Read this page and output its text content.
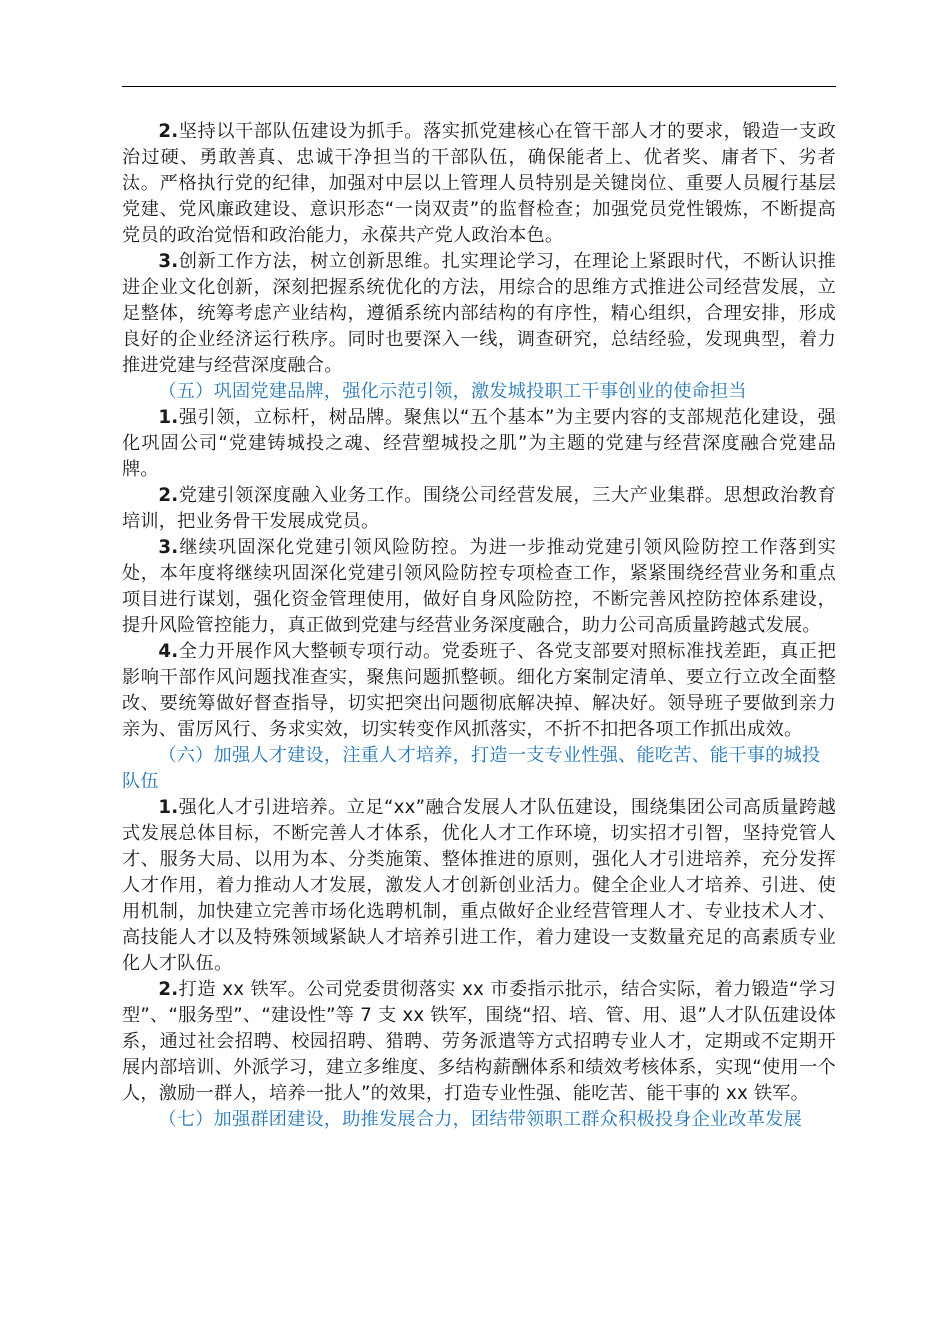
2.坚持以干部队伍建设为抓手。落实抓党建核心在管干部人才的要求，锻造一支政治过硬、勇敢善真、忠诚干净担当的干部队伍，确保能者上、优者奖、庸者下、劣者汰。严格执行党的纪律，加强对中层以上管理人员特别是关键岗位、重要人员履行基层党建、党风廉政建设、意识形态“一岗双责”的监督检查；加强党员党性锻炼，不断提高党员的政治觉悟和政治能力，永葆共产党人政治本色。

3.创新工作方法，树立创新思维。扎实理论学习，在理论上紧跟时代，不断认识推进企业文化创新，深刻把握系统优化的方法，用综合的思维方式推进公司经营发展，立足整体，统筹考虑产业结构，遵循系统内部结构的有序性，精心组织，合理安排，形成良好的企业经济运行秩序。同时也要深入一线，调查研究，总结经验，发现典型，着力推进党建与经营深度融合。

（五）巩固党建品牌，强化示范引领，激发城投职工干事创业的使命担当

1.强引领，立标杆，树品牌。聚焦以“五个基本”为主要内容的支部规范化建设，强化巩固公司“党建铸城投之魂、经营塑城投之肌”为主题的党建与经营深度融合党建品牌。

2.党建引领深度融入业务工作。围绕公司经营发展，三大产业集群。思想政治教育培训，把业务骨干发展成党员。

3.继续巩固深化党建引领风险防控。为进一步推动党建引领风险防控工作落到实处，本年度将继续巩固深化党建引领风险防控专项检查工作，紧紧围绕经营业务和重点项目进行谋划，强化资金管理使用，做好自身风险防控，不断完善风控防控体系建设，提升风险管控能力，真正做到党建与经营业务深度融合，助力公司高质量跨越式发展。

4.全力开展作风大整顿专项行动。党委班子、各党支部要对照标准找差距，真正把影响干部作风问题找准查实，聚焦问题抓整顿。细化方案制定清单、要立行立改全面整改、要统筹做好督查指导，切实把突出问题彻底解决掉、解决好。领导班子要做到亲力亲为、雷厉风行、务求实效，切实转变作风抓落实，不折不扣把各项工作抓出成效。

（六）加强人才建设，注重人才培养，打造一支专业性强、能吃苦、能干事的城投队伍

1.强化人才引进培养。立足“xx”融合发展人才队伍建设，围绕集团公司高质量跨越式发展总体目标，不断完善人才体系，优化人才工作环境，切实招才引智，坚持党管人才、服务大局、以用为本、分类施策、整体推进的原则，强化人才引进培养，充分发挥人才作用，着力推动人才发展，激发人才创新创业活力。健全企业人才培养、引进、使用机制，加快建立完善市场化选聘机制，重点做好企业经营管理人才、专业技术人才、高技能人才以及特殊领域紧缺人才培养引进工作，着力建设一支数量充足的高素质专业化人才队伍。

2.打造 xx 铁军。公司党委贯彻落实 xx 市委指示批示，结合实际，着力锻造“学习型”、“服务型”、“建设性”等 7 支 xx 铁军，围绕“招、培、管、用、退”人才队伍建设体系，通过社会招聘、校园招聘、猎聘、劳务派遣等方式招聘专业人才，定期或不定期开展内部培训、外派学习，建立多维度、多结构薪酬体系和绩效考核体系，实现“使用一个人，激励一群人，培养一批人”的效果，打造专业性强、能吃苦、能干事的 xx 铁军。

（七）加强群团建设，助推发展合力，团结带领职工群众积极投身企业改革发展
